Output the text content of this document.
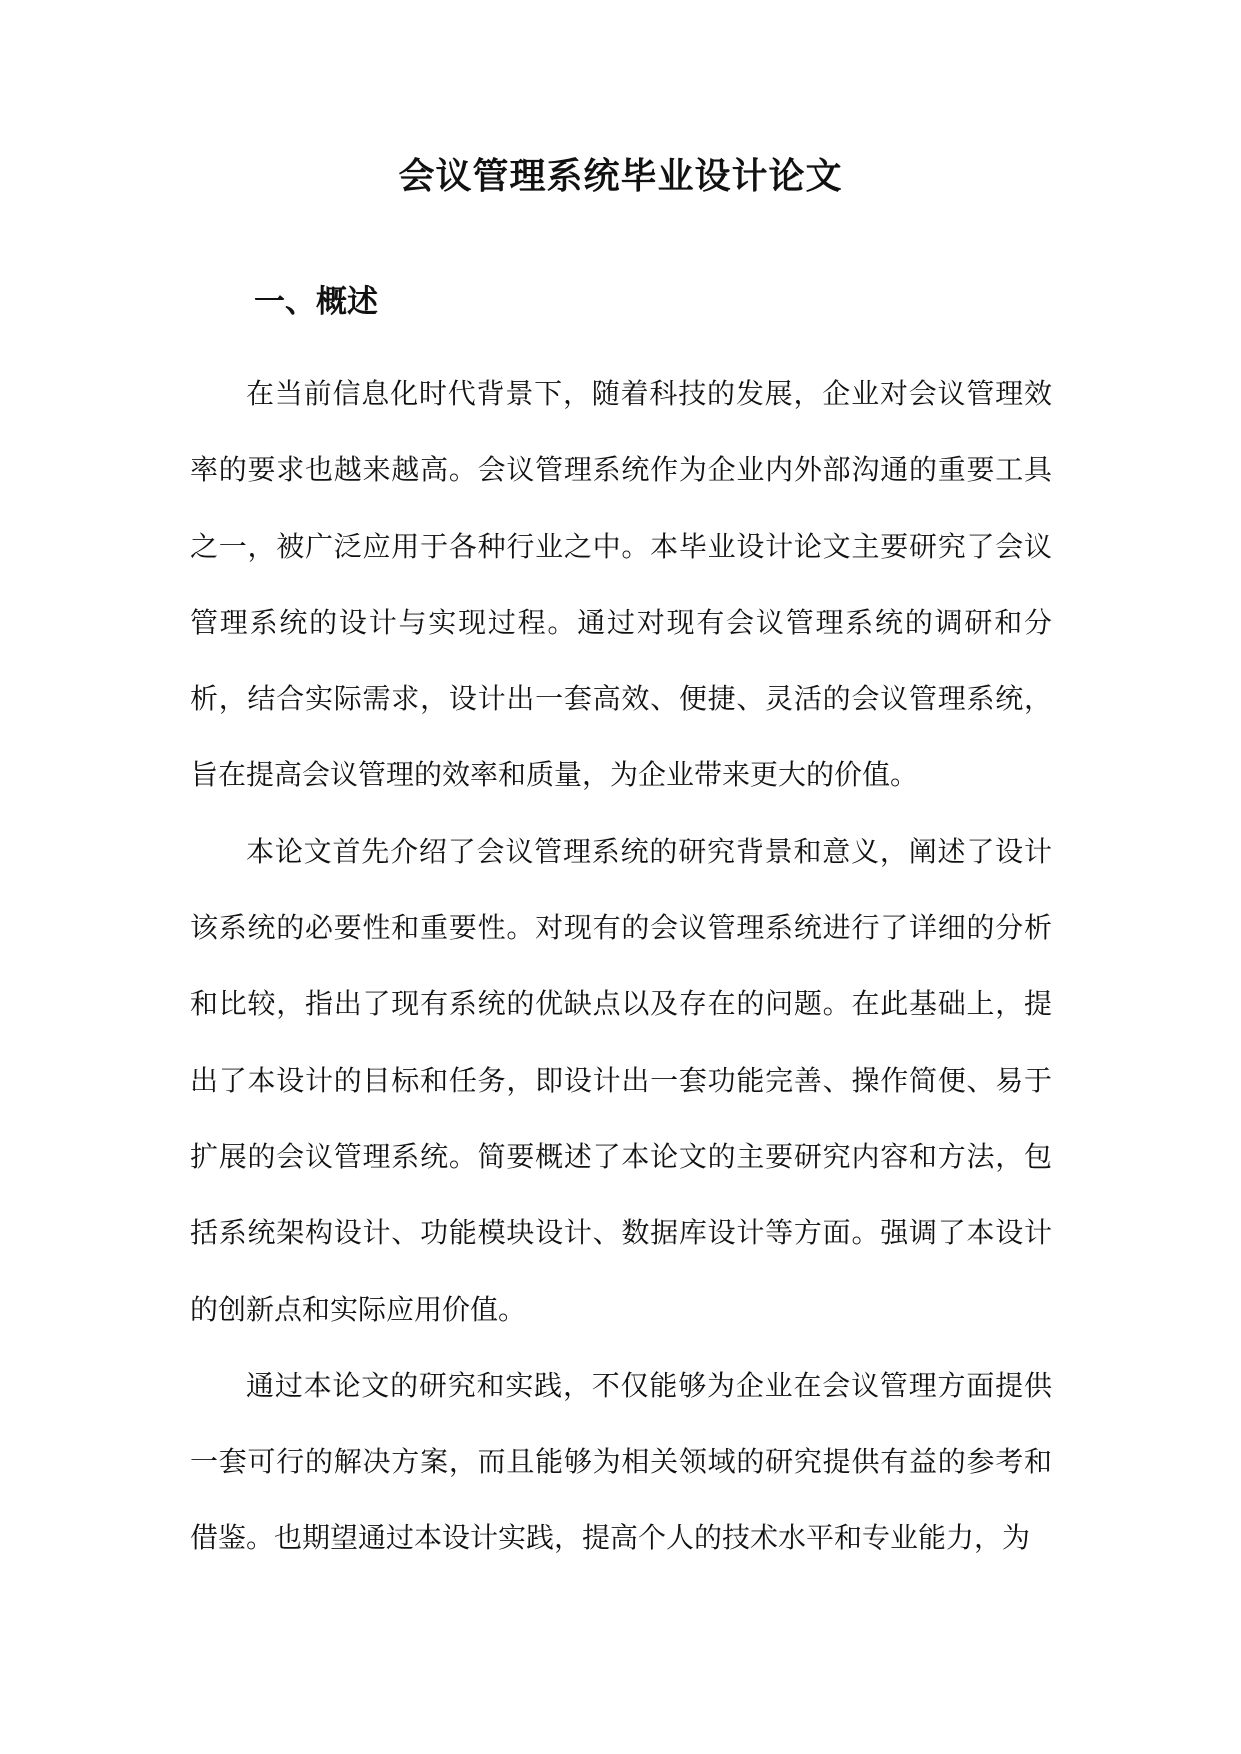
会议管理系统毕业设计论文
一、概述

在当前信息化时代背景下，随着科技的发展，企业对会议管理效率的要求也越来越高。会议管理系统作为企业内外部沟通的重要工具之一，被广泛应用于各种行业之中。本毕业设计论文主要研究了会议管理系统的设计与实现过程。通过对现有会议管理系统的调研和分析，结合实际需求，设计出一套高效、便捷、灵活的会议管理系统，旨在提高会议管理的效率和质量，为企业带来更大的价值。

本论文首先介绍了会议管理系统的研究背景和意义，阐述了设计该系统的必要性和重要性。对现有的会议管理系统进行了详细的分析和比较，指出了现有系统的优缺点以及存在的问题。在此基础上，提出了本设计的目标和任务，即设计出一套功能完善、操作简便、易于扩展的会议管理系统。简要概述了本论文的主要研究内容和方法，包括系统架构设计、功能模块设计、数据库设计等方面。强调了本设计的创新点和实际应用价值。

通过本论文的研究和实践，不仅能够为企业在会议管理方面提供一套可行的解决方案，而且能够为相关领域的研究提供有益的参考和借鉴。也期望通过本设计实践，提高个人的技术水平和专业能力，为
